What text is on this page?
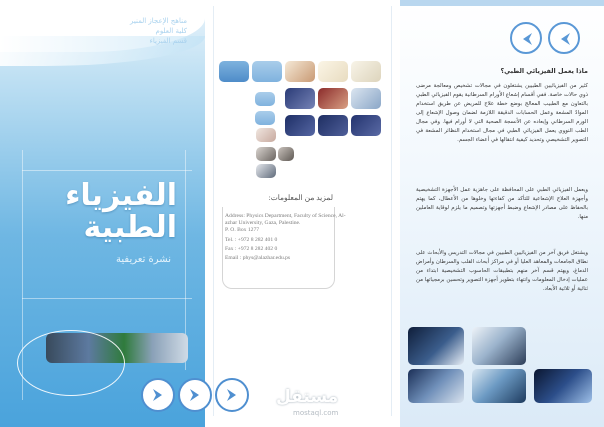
مناهج الإعجاز المنير
كلية العلوم
قسم الفيزياء
الفيزياء
الطبية
نشرة تعريفية
لمزيد من المعلومات:
Address: Physics Department, Faculty of Science, Al-
azhar University, Gaza, Palestine.
P. O. Box 1277
Tel. : +972 8 282 401 0
Fax : +972 8 282 402 0
Email : phys@alazhar.edu.ps
مستقل
mostaql.com
ماذا يعمل الفيزيائي الطبي؟
كثير من الفيزيائيين الطبيين يشتغلون في مجالات تشخيص ومعالجة مرضى ذوي حالات خاصة. ففي أقسام إشعاع الأورام السرطانية يقوم الفيزيائي الطبي بالتعاون مع الطبيب المعالج بوضع خطة علاج للمريض عن طريق استخدام الموادّ المشعة وعمل الحسابات الدقيقة اللازمة لضمان وصول الإشعاع إلى الورم السرطاني وإبعاده عن الأنسجة الصحية التي لا أورام فيها. وفي مجال الطب النووي يعمل الفيزيائي الطبي في مجال استخدام النظائر المشعة في التصوير التشخيصي وتحديد كيفية انتقالها في أعضاء الجسم.
ويعمل الفيزيائي الطبي على المحافظة على جاهزية عمل الأجهزة التشخيصية وأجهزة العلاج الإشعاعية للتأكد من كفاءتها وخلوها من الأعطال، كما يهتم بالحفاظ على مصادر الإشعاع وضبط أجهزتها وتصميم ما يلزم لوقاية العاملين منها.
ويشتغل فريق آخر من الفيزيائيين الطبيين في مجالات التدريس والأبحاث على نطاق الجامعات والمعاهد العليا أو في مراكز أبحاث القلب والسرطان وأمراض الدماغ، ويهتم قسم آخر منهم بتطبيقات الحاسوب التشخيصية ابتداء من عمليات إدخال المعلومات وانتهاء بتطوير أجهزة التصوير وتحسين برمجياتها من ثنائية أو ثلاثية الأبعاد.
